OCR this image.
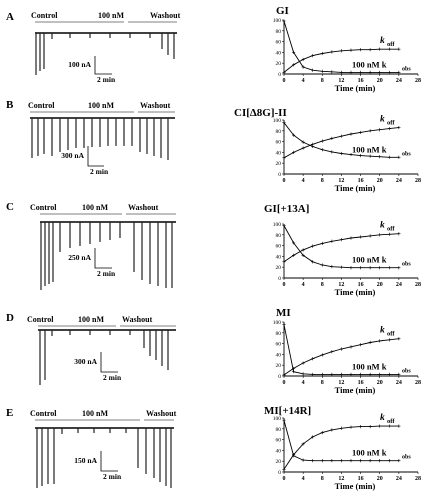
A Control	100 nM	Washout
100 nA
2 min
B Control	100 nM	Washout
300 nA
2 min
C Control	100 nM	Washout
250 nA
2 min
D Control	100 nM Washout
300 nA
2 min
E Control	100 nM	Washout
150 nA
2 min
GI
0
20
40
60
80
100
0	4	8 12 16 20 24 28
Time (min)
k off
100 nM k	obs
CI[Δ8G]-II
0
20
40
60
80
100
0	4	8 12 16 20 24 28
Time (min)
k off
100 nM k	obs
GI[+13A]
0
20
40
60
80
100
0	4	8 12 16 20 24 28
Time (min)
k off
100 nM k	obs
MI
0
20
40
60
80
100
0	4	8 12 16 20 24 28
Time (min)
k off
100 nM k	obs
MI[+14R]
0
20
40
60
80
100
0	4	8 12 16 20 24 28
Time (min)
k off
100 nM k	obs
